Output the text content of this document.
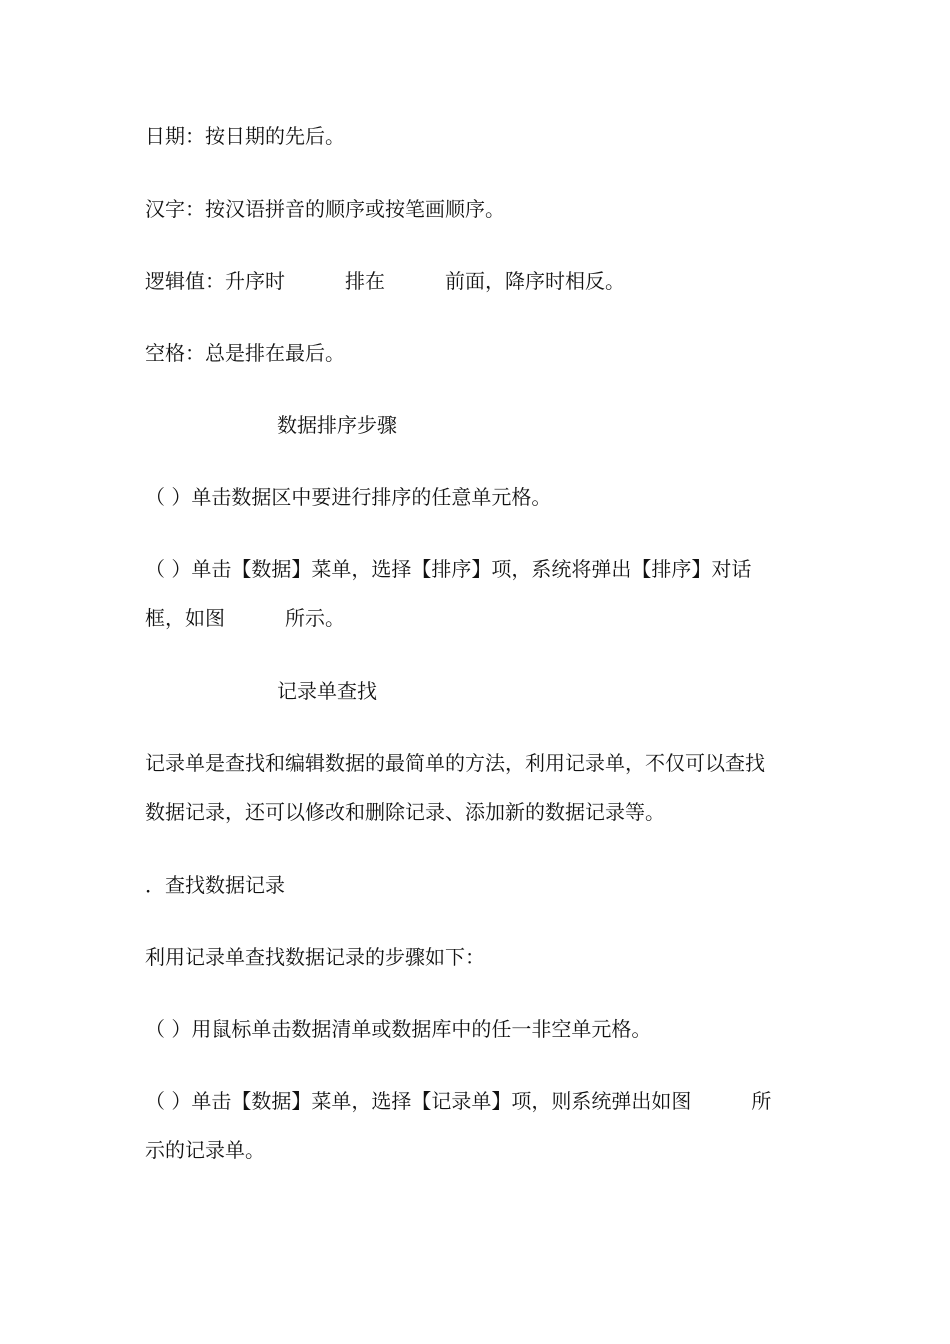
日期：按日期的先后。
汉字：按汉语拼音的顺序或按笔画顺序。
逻辑值：升序时　　　排在　　　前面，降序时相反。
空格：总是排在最后。
数据排序步骤
（ ）单击数据区中要进行排序的任意单元格。
（ ）单击【数据】菜单，选择【排序】项，系统将弹出【排序】对话
框，如图　　　所示。
记录单查找
记录单是查找和编辑数据的最简单的方法，利用记录单，不仅可以查找
数据记录，还可以修改和删除记录、添加新的数据记录等。
．查找数据记录
利用记录单查找数据记录的步骤如下：
（ ）用鼠标单击数据清单或数据库中的任一非空单元格。
（ ）单击【数据】菜单，选择【记录单】项，则系统弹出如图　　　所
示的记录单。
